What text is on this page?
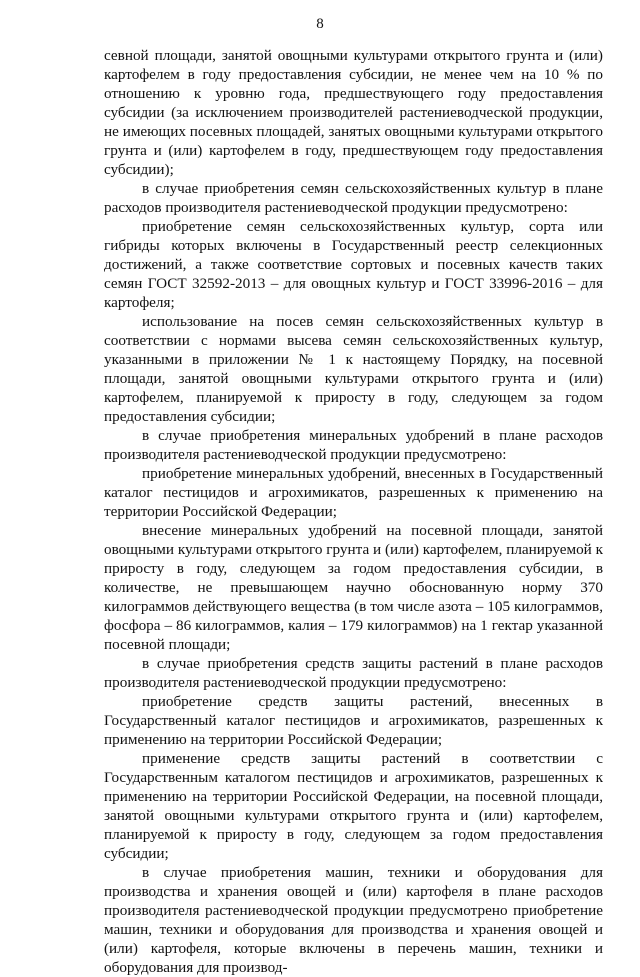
8

севной площади, занятой овощными культурами открытого грунта и (или) картофелем в году предоставления субсидии, не менее чем на 10 % по отношению к уровню года, предшествующего году предоставления субсидии (за исключением производителей растениеводческой продукции, не имеющих посевных площадей, занятых овощными культурами открытого грунта и (или) картофелем в году, предшествующем году предоставления субсидии);

в случае приобретения семян сельскохозяйственных культур в плане расходов производителя растениеводческой продукции предусмотрено:

приобретение семян сельскохозяйственных культур, сорта или гибриды которых включены в Государственный реестр селекционных достижений, а также соответствие сортовых и посевных качеств таких семян ГОСТ 32592-2013 – для овощных культур и ГОСТ 33996-2016 – для картофеля;

использование на посев семян сельскохозяйственных культур в соответствии с нормами высева семян сельскохозяйственных культур, указанными в приложении № 1 к настоящему Порядку, на посевной площади, занятой овощными культурами открытого грунта и (или) картофелем, планируемой к приросту в году, следующем за годом предоставления субсидии;

в случае приобретения минеральных удобрений в плане расходов производителя растениеводческой продукции предусмотрено:

приобретение минеральных удобрений, внесенных в Государственный каталог пестицидов и агрохимикатов, разрешенных к применению на территории Российской Федерации;

внесение минеральных удобрений на посевной площади, занятой овощными культурами открытого грунта и (или) картофелем, планируемой к приросту в году, следующем за годом предоставления субсидии, в количестве, не превышающем научно обоснованную норму 370 килограммов действующего вещества (в том числе азота – 105 килограммов, фосфора – 86 килограммов, калия – 179 килограммов) на 1 гектар указанной посевной площади;

в случае приобретения средств защиты растений в плане расходов производителя растениеводческой продукции предусмотрено:

приобретение средств защиты растений, внесенных в Государственный каталог пестицидов и агрохимикатов, разрешенных к применению на территории Российской Федерации;

применение средств защиты растений в соответствии с Государственным каталогом пестицидов и агрохимикатов, разрешенных к применению на территории Российской Федерации, на посевной площади, занятой овощными культурами открытого грунта и (или) картофелем, планируемой к приросту в году, следующем за годом предоставления субсидии;

в случае приобретения машин, техники и оборудования для производства и хранения овощей и (или) картофеля в плане расходов производителя растениеводческой продукции предусмотрено приобретение машин, техники и оборудования для производства и хранения овощей и (или) картофеля, которые включены в перечень машин, техники и оборудования для производ-
